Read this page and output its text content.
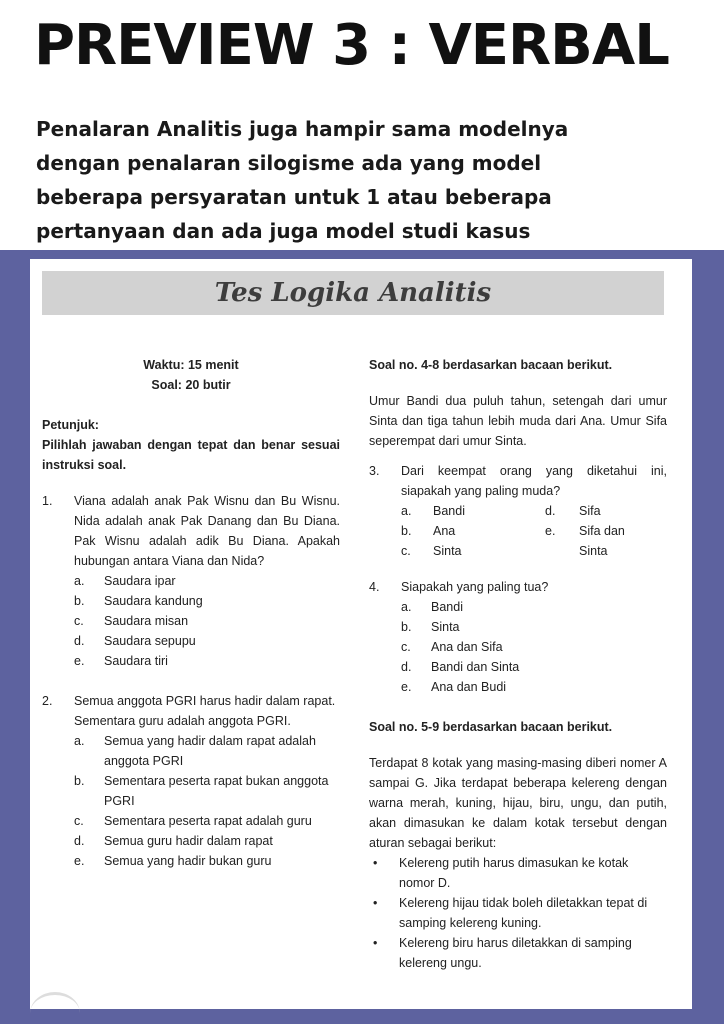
PREVIEW 3 : VERBAL
Penalaran Analitis juga hampir sama modelnya
dengan penalaran silogisme ada yang model
beberapa persyaratan untuk 1 atau beberapa
pertanyaan dan ada juga model studi kasus
Tes Logika Analitis
Waktu: 15 menit
Soal: 20 butir
Petunjuk:
Pilihlah jawaban dengan tepat dan benar sesuai instruksi soal.
1.	Viana adalah anak Pak Wisnu dan Bu Wisnu. Nida adalah anak Pak Danang dan Bu Diana. Pak Wisnu adalah adik Bu Diana. Apakah hubungan antara Viana dan Nida?
a.	Saudara ipar
b.	Saudara kandung
c.	Saudara misan
d.	Saudara sepupu
e.	Saudara tiri
2.	Semua anggota PGRI harus hadir dalam rapat.
Sementara guru adalah anggota PGRI.
a.	Semua yang hadir dalam rapat adalah anggota PGRI
b.	Sementara peserta rapat bukan anggota PGRI
c.	Sementara peserta rapat adalah guru
d.	Semua guru hadir dalam rapat
e.	Semua yang hadir bukan guru
Soal no. 4-8 berdasarkan bacaan berikut.
Umur Bandi dua puluh tahun, setengah dari umur Sinta dan tiga tahun lebih muda dari Ana. Umur Sifa seperempat dari umur Sinta.
3.	Dari keempat orang yang diketahui ini, siapakah yang paling muda?
a.	Bandi	d.	Sifa
b.	Ana	e.	Sifa dan
c.	Sinta	Sinta
4.	Siapakah yang paling tua?
a.	Bandi
b.	Sinta
c.	Ana dan Sifa
d.	Bandi dan Sinta
e.	Ana dan Budi
Soal no. 5-9 berdasarkan bacaan berikut.
Terdapat 8 kotak yang masing-masing diberi nomer A sampai G. Jika terdapat beberapa kelereng dengan warna merah, kuning, hijau, biru, ungu, dan putih, akan dimasukan ke dalam kotak tersebut dengan aturan sebagai berikut:
•	Kelereng putih harus dimasukan ke kotak nomor D.
•	Kelereng hijau tidak boleh diletakkan tepat di samping kelereng kuning.
•	Kelereng biru harus diletakkan di samping kelereng ungu.
